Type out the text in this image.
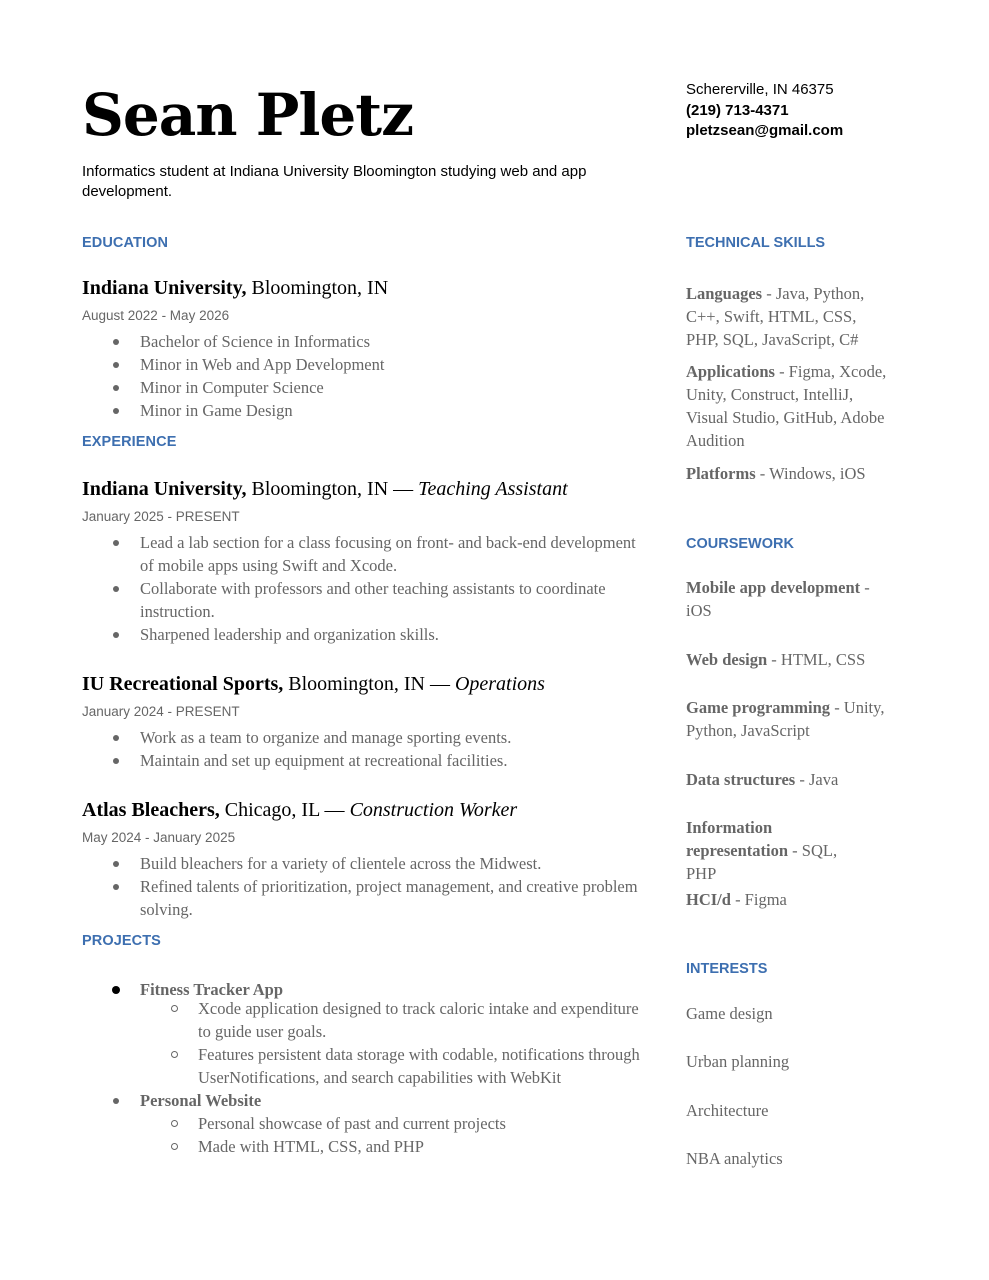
Sean Pletz
Informatics student at Indiana University Bloomington studying web and app development.
EDUCATION
Indiana University, Bloomington, IN
August 2022 - May 2026
Bachelor of Science in Informatics
Minor in Web and App Development
Minor in Computer Science
Minor in Game Design
EXPERIENCE
Indiana University, Bloomington, IN — Teaching Assistant
January 2025 - PRESENT
Lead a lab section for a class focusing on front- and back-end development of mobile apps using Swift and Xcode.
Collaborate with professors and other teaching assistants to coordinate instruction.
Sharpened leadership and organization skills.
IU Recreational Sports, Bloomington, IN — Operations
January 2024 - PRESENT
Work as a team to organize and manage sporting events.
Maintain and set up equipment at recreational facilities.
Atlas Bleachers, Chicago, IL — Construction Worker
May 2024 - January 2025
Build bleachers for a variety of clientele across the Midwest.
Refined talents of prioritization, project management, and creative problem solving.
PROJECTS
Fitness Tracker App
Xcode application designed to track caloric intake and expenditure to guide user goals.
Features persistent data storage with codable, notifications through UserNotifications, and search capabilities with WebKit
Personal Website
Personal showcase of past and current projects
Made with HTML, CSS, and PHP
Schererville, IN 46375
(219) 713-4371
pletzsean@gmail.com
TECHNICAL SKILLS
Languages - Java, Python, C++, Swift, HTML, CSS, PHP, SQL, JavaScript, C#
Applications - Figma, Xcode, Unity, Construct, IntelliJ, Visual Studio, GitHub, Adobe Audition
Platforms - Windows, iOS
COURSEWORK
Mobile app development - iOS
Web design - HTML, CSS
Game programming - Unity, Python, JavaScript
Data structures - Java
Information representation - SQL, PHP
HCI/d - Figma
INTERESTS
Game design
Urban planning
Architecture
NBA analytics
